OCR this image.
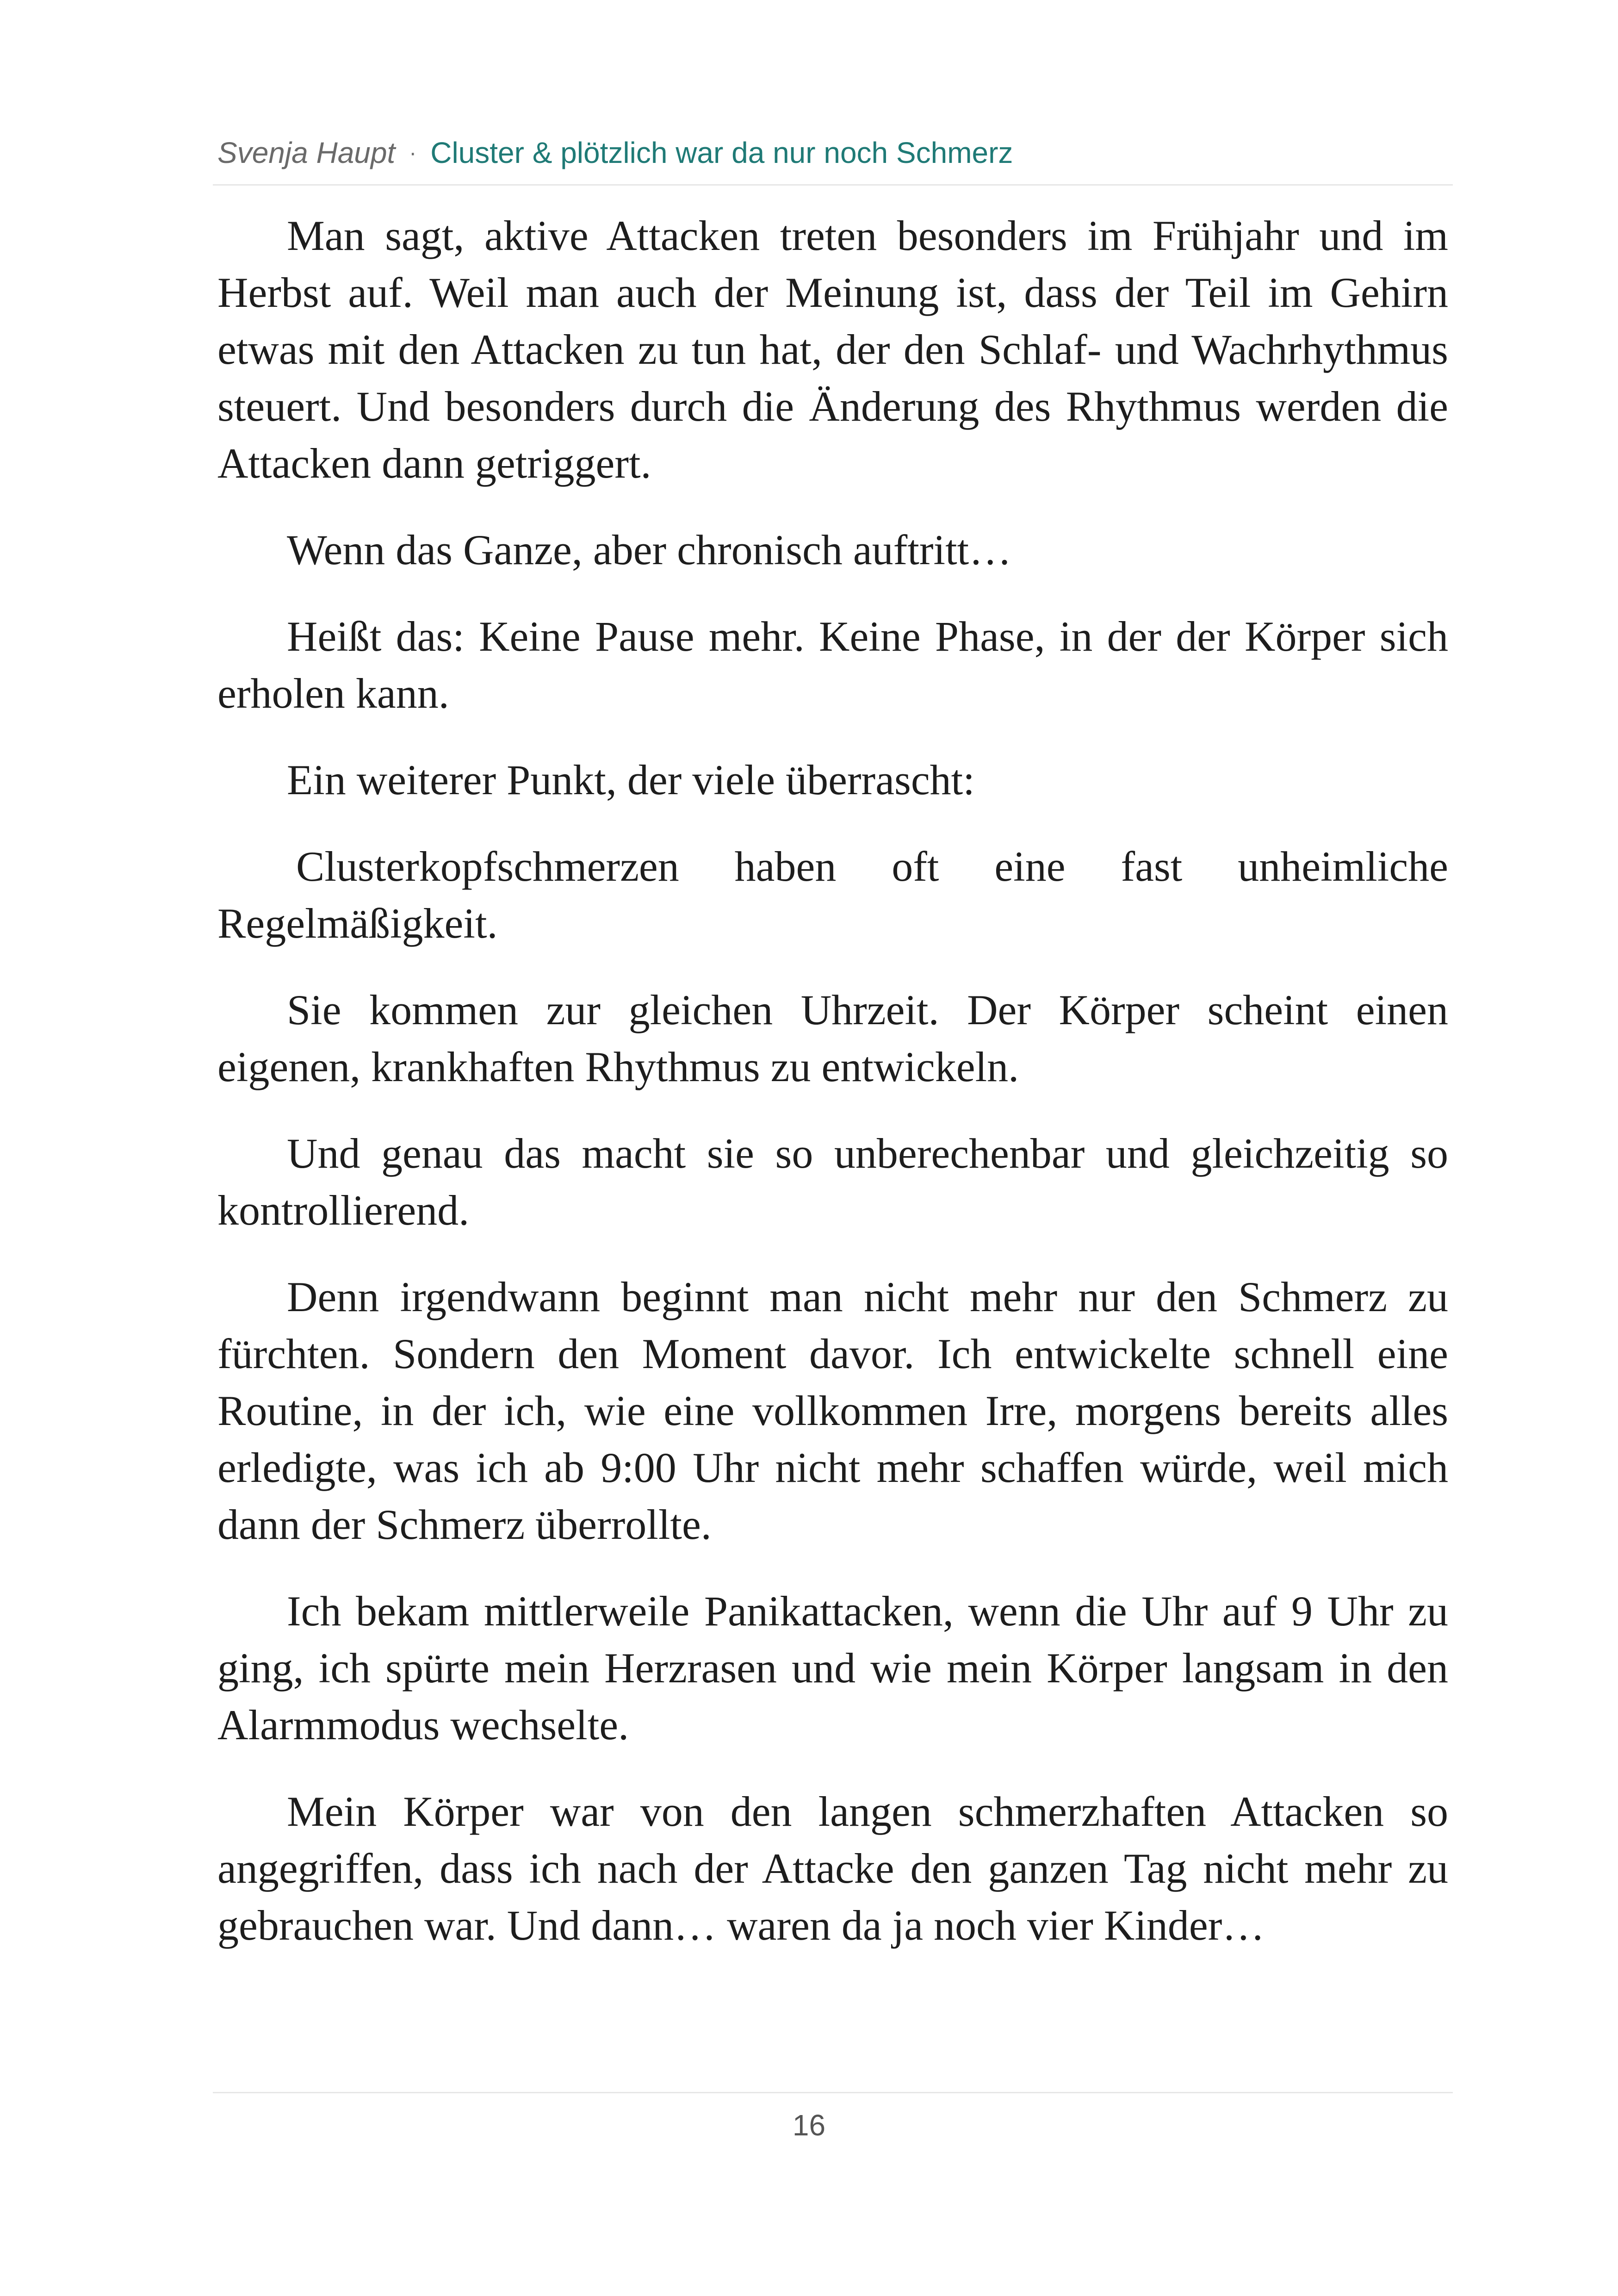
Svenja Haupt · Cluster & plötzlich war da nur noch Schmerz

Man sagt, aktive Attacken treten besonders im Frühjahr und im Herbst auf. Weil man auch der Meinung ist, dass der Teil im Gehirn etwas mit den Attacken zu tun hat, der den Schlaf- und Wachrhythmus steuert. Und besonders durch die Änderung des Rhythmus werden die Attacken dann getriggert.

Wenn das Ganze, aber chronisch auftritt…

Heißt das: Keine Pause mehr. Keine Phase, in der der Körper sich erholen kann.

Ein weiterer Punkt, der viele überrascht:

Clusterkopfschmerzen haben oft eine fast unheimliche Regelmäßigkeit.

Sie kommen zur gleichen Uhrzeit. Der Körper scheint einen eigenen, krankhaften Rhythmus zu entwickeln.

Und genau das macht sie so unberechenbar und gleichzeitig so kontrollierend.

Denn irgendwann beginnt man nicht mehr nur den Schmerz zu fürchten. Sondern den Moment davor. Ich entwickelte schnell eine Routine, in der ich, wie eine vollkommen Irre, morgens bereits alles erledigte, was ich ab 9:00 Uhr nicht mehr schaffen würde, weil mich dann der Schmerz überrollte.

Ich bekam mittlerweile Panikattacken, wenn die Uhr auf 9 Uhr zu ging, ich spürte mein Herzrasen und wie mein Körper langsam in den Alarmmodus wechselte.

Mein Körper war von den langen schmerzhaften Attacken so angegriffen, dass ich nach der Attacke den ganzen Tag nicht mehr zu gebrauchen war. Und dann… waren da ja noch vier Kinder…

16
